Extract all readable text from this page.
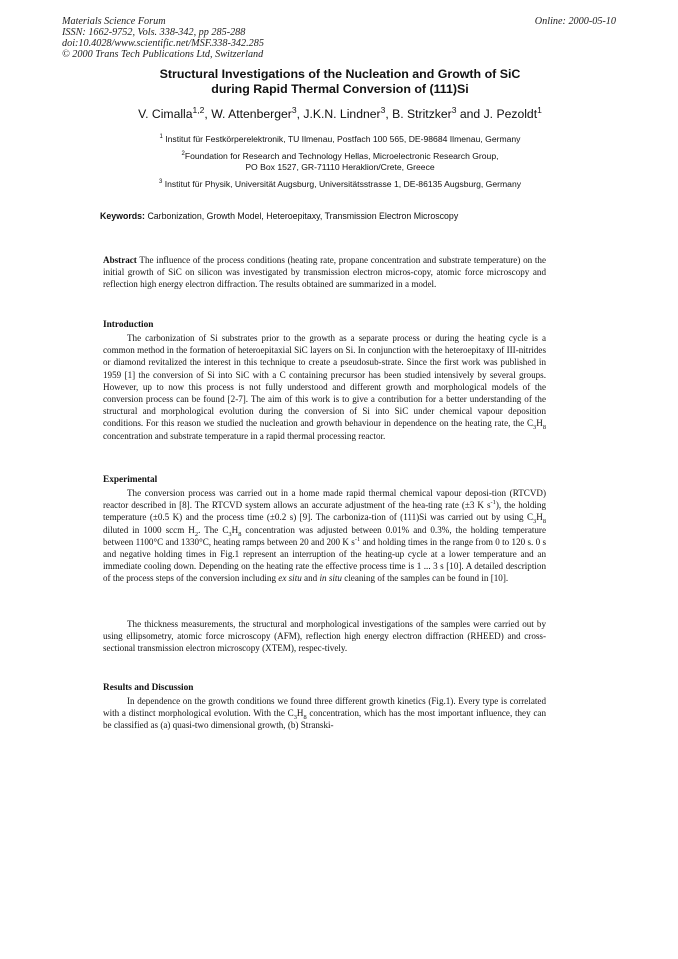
Materials Science Forum
ISSN: 1662-9752, Vols. 338-342, pp 285-288
doi:10.4028/www.scientific.net/MSF.338-342.285
© 2000 Trans Tech Publications Ltd, Switzerland
Online: 2000-05-10
Structural Investigations of the Nucleation and Growth of SiC
during Rapid Thermal Conversion of (111)Si
V. Cimalla$^{1,2}$, W. Attenberger$^3$, J.K.N. Lindner$^3$, B. Stritzker$^3$ and J. Pezoldt$^1$
$^1$ Institut für Festkörperelektronik, TU Ilmenau, Postfach 100 565, DE-98684 Ilmenau, Germany
$^2$Foundation for Research and Technology Hellas, Microelectronic Research Group,
PO Box 1527, GR-71110 Heraklion/Crete, Greece
$^3$ Institut für Physik, Universität Augsburg, Universitätsstrasse 1, DE-86135 Augsburg, Germany
Keywords: Carbonization, Growth Model, Heteroepitaxy, Transmission Electron Microscopy
Abstract The influence of the process conditions (heating rate, propane concentration and substrate temperature) on the initial growth of SiC on silicon was investigated by transmission electron micros-copy, atomic force microscopy and reflection high energy electron diffraction. The results obtained are summarized in a model.
Introduction
The carbonization of Si substrates prior to the growth as a separate process or during the heating cycle is a common method in the formation of heteroepitaxial SiC layers on Si. In conjunction with the heteroepitaxy of III-nitrides or diamond revitalized the interest in this technique to create a pseudosub-strate. Since the first work was published in 1959 [1] the conversion of Si into SiC with a C containing precursor has been studied intensively by several groups. However, up to now this process is not fully understood and different growth and morphological models of the conversion process can be found [2-7]. The aim of this work is to give a contribution for a better understanding of the structural and morphological evolution during the conversion of Si into SiC under chemical vapour deposition conditions. For this reason we studied the nucleation and growth behaviour in dependence on the heating rate, the $C_3H_8$ concentration and substrate temperature in a rapid thermal processing reactor.
Experimental
The conversion process was carried out in a home made rapid thermal chemical vapour deposi-tion (RTCVD) reactor described in [8]. The RTCVD system allows an accurate adjustment of the hea-ting rate (±3 K $s^{-1}$), the holding temperature (±0.5 K) and the process time (±0.2 s) [9]. The carboniza-tion of (111)Si was carried out by using $C_3H_8$ diluted in 1000 sccm $H_2$. The $C_3H_8$ concentration was adjusted between 0.01% and 0.3%, the holding temperature between 1100°C and 1330°C, heating ramps between 20 and 200 K $s^{-1}$ and holding times in the range from 0 to 120 s. 0 s and negative holding times in Fig.1 represent an interruption of the heating-up cycle at a lower temperature and an immediate cooling down. Depending on the heating rate the effective process time is 1 ... 3 s [10]. A detailed description of the process steps of the conversion including ex situ and in situ cleaning of the samples can be found in [10].
The thickness measurements, the structural and morphological investigations of the samples were carried out by using ellipsometry, atomic force microscopy (AFM), reflection high energy electron diffraction (RHEED) and cross-sectional transmission electron microscopy (XTEM), respec-tively.
Results and Discussion
In dependence on the growth conditions we found three different growth kinetics (Fig.1). Every type is correlated with a distinct morphological evolution. With the $C_3H_8$ concentration, which has the most important influence, they can be classified as (a) quasi-two dimensional growth, (b) Stranski-
